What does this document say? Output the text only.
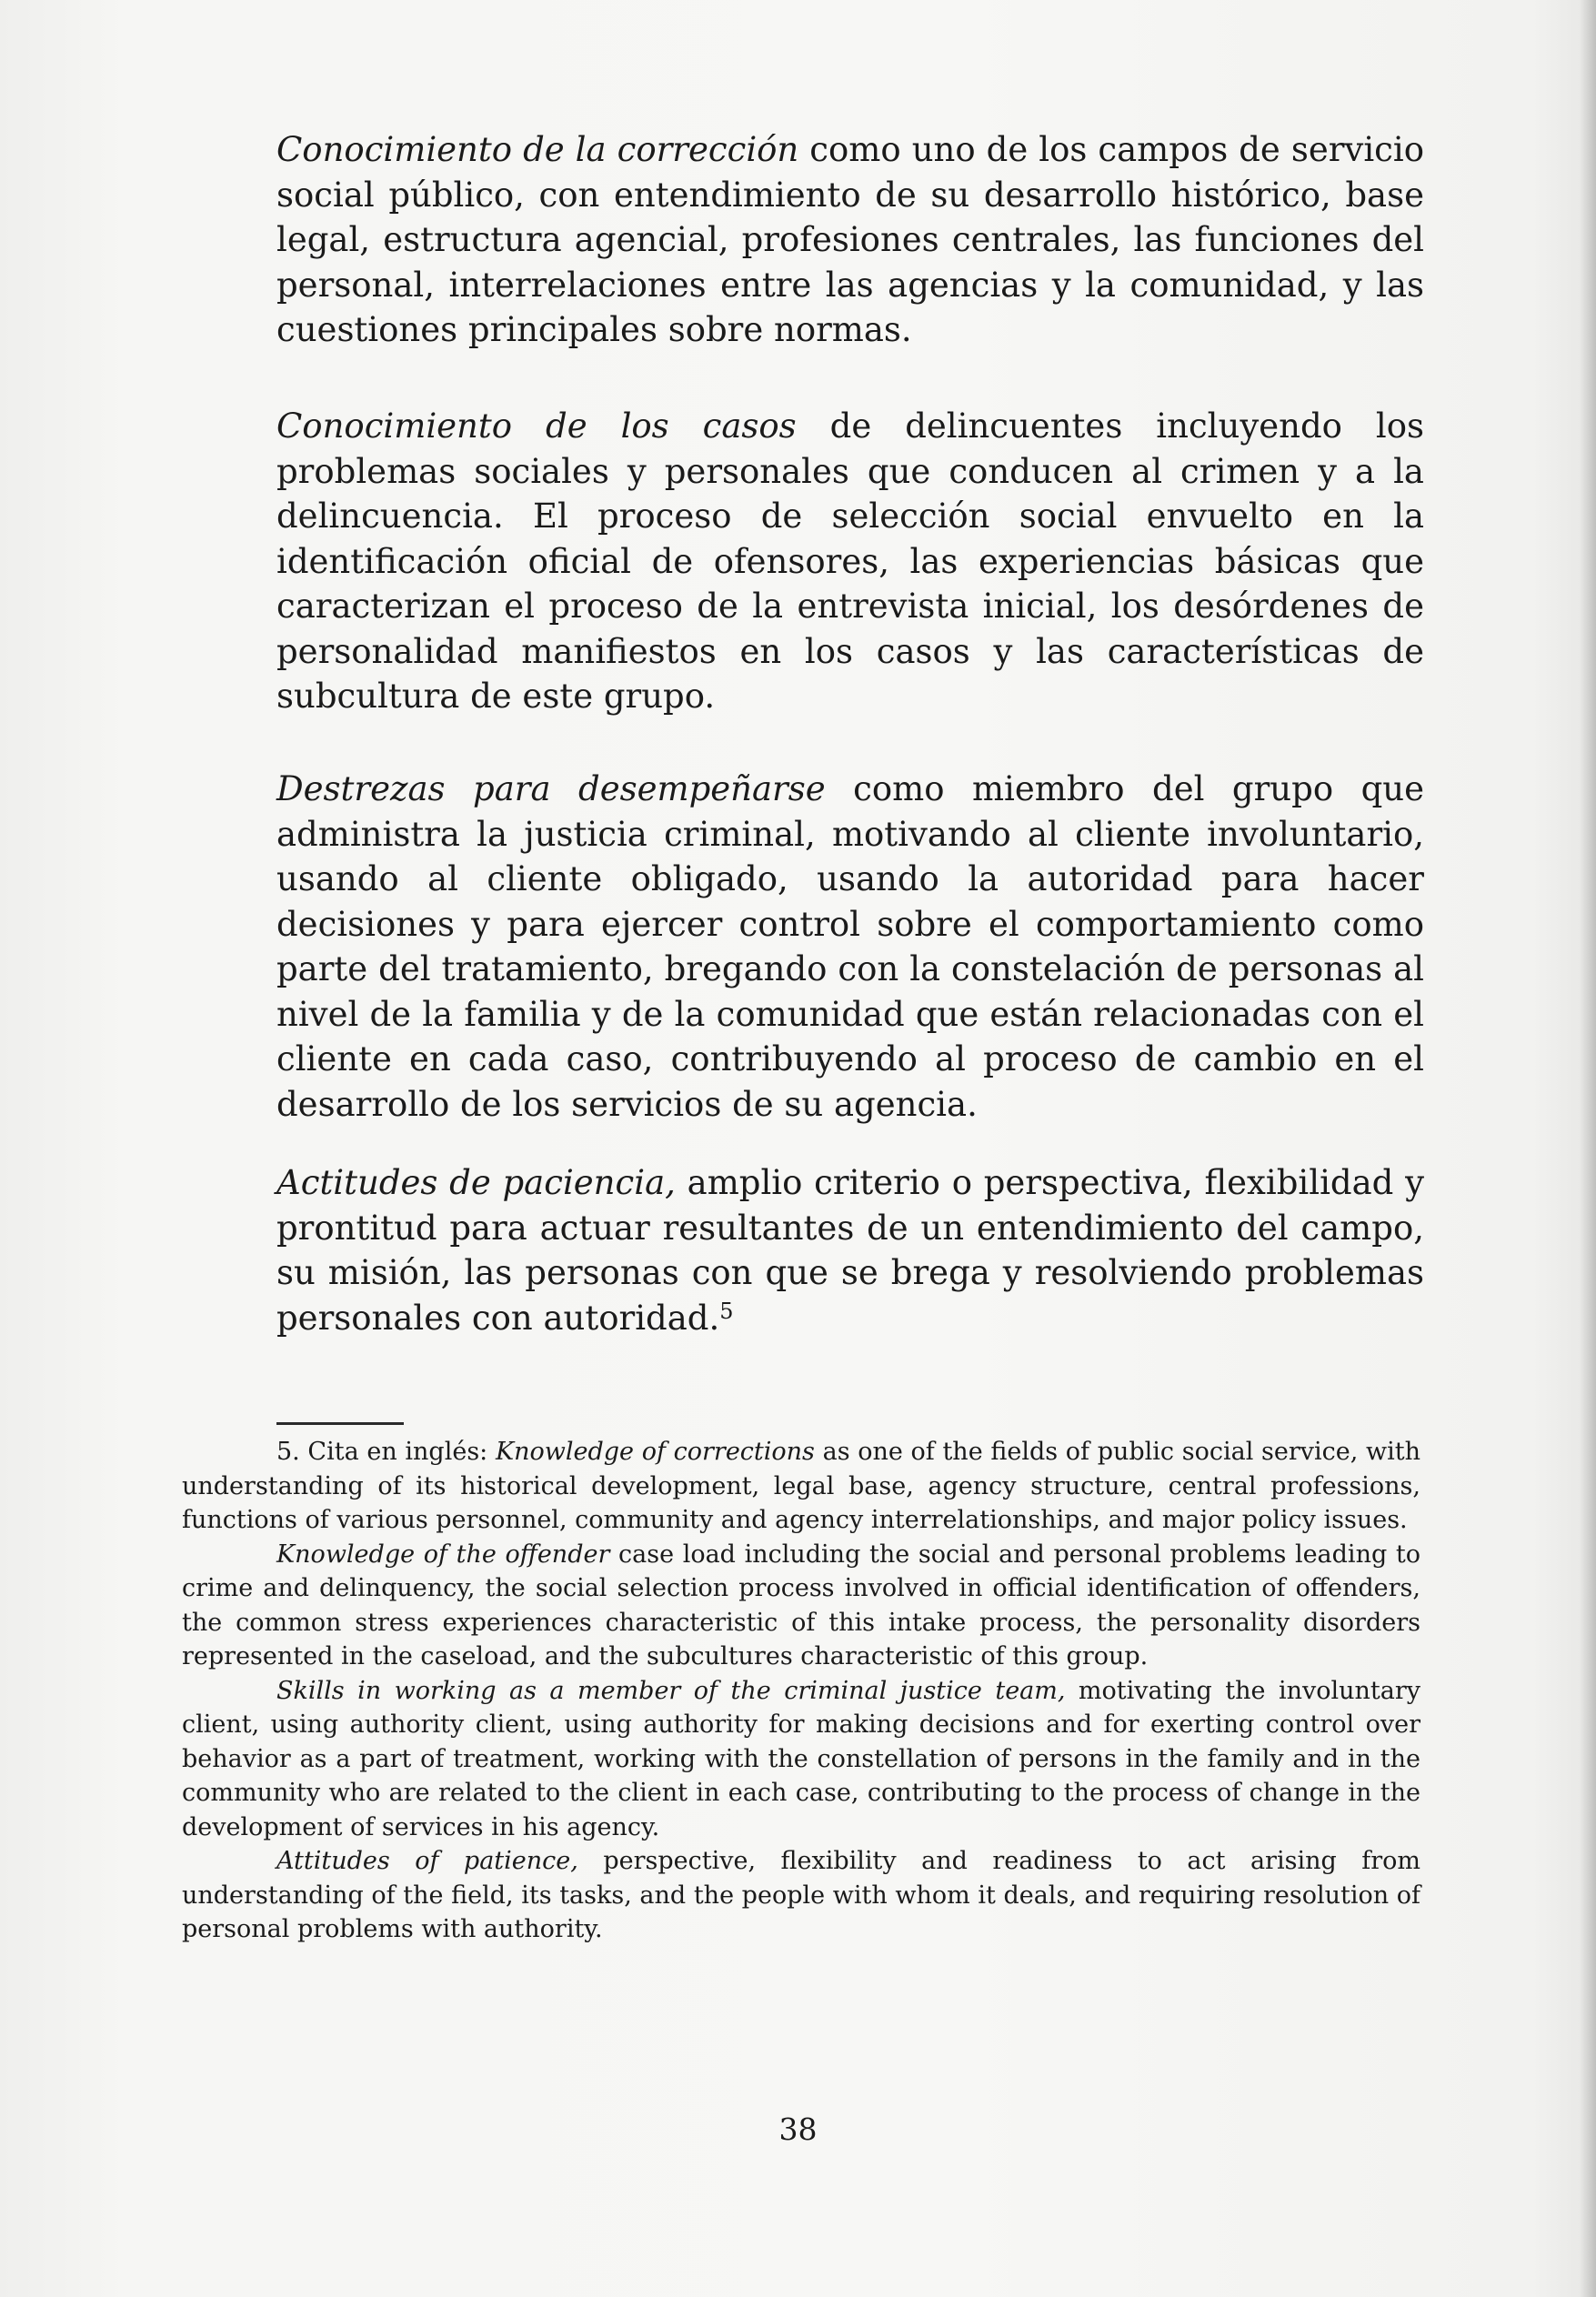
Conocimiento de la corrección como uno de los campos de servicio social público, con entendimiento de su desarrollo histórico, base legal, estructura agencial, profesiones centrales, las funciones del personal, interrelaciones entre las agencias y la comunidad, y las cuestiones principales sobre normas.

Conocimiento de los casos de delincuentes incluyendo los problemas sociales y personales que conducen al crimen y a la delincuencia. El proceso de selección social envuelto en la identificación oficial de ofensores, las experiencias básicas que caracterizan el proceso de la entrevista inicial, los desórdenes de personalidad manifiestos en los casos y las características de subcultura de este grupo.

Destrezas para desempeñarse como miembro del grupo que administra la justicia criminal, motivando al cliente involuntario, usando al cliente obligado, usando la autoridad para hacer decisiones y para ejercer control sobre el comportamiento como parte del tratamiento, bregando con la constelación de personas al nivel de la familia y de la comunidad que están relacionadas con el cliente en cada caso, contribuyendo al proceso de cambio en el desarrollo de los servicios de su agencia.

Actitudes de paciencia, amplio criterio o perspectiva, flexibilidad y prontitud para actuar resultantes de un entendimiento del campo, su misión, las personas con que se brega y resolviendo problemas personales con autoridad.$^5$

5. Cita en inglés: Knowledge of corrections as one of the fields of public social service, with understanding of its historical development, legal base, agency structure, central professions, functions of various personnel, community and agency interrelationships, and major policy issues.

Knowledge of the offender case load including the social and personal problems leading to crime and delinquency, the social selection process involved in official identification of offenders, the common stress experiences characteristic of this intake process, the personality disorders represented in the caseload, and the subcultures characteristic of this group.

Skills in working as a member of the criminal justice team, motivating the involuntary client, using authority client, using authority for making decisions and for exerting control over behavior as a part of treatment, working with the constellation of persons in the family and in the community who are related to the client in each case, contributing to the process of change in the development of services in his agency.

Attitudes of patience, perspective, flexibility and readiness to act arising from understanding of the field, its tasks, and the people with whom it deals, and requiring resolution of personal problems with authority.

38
